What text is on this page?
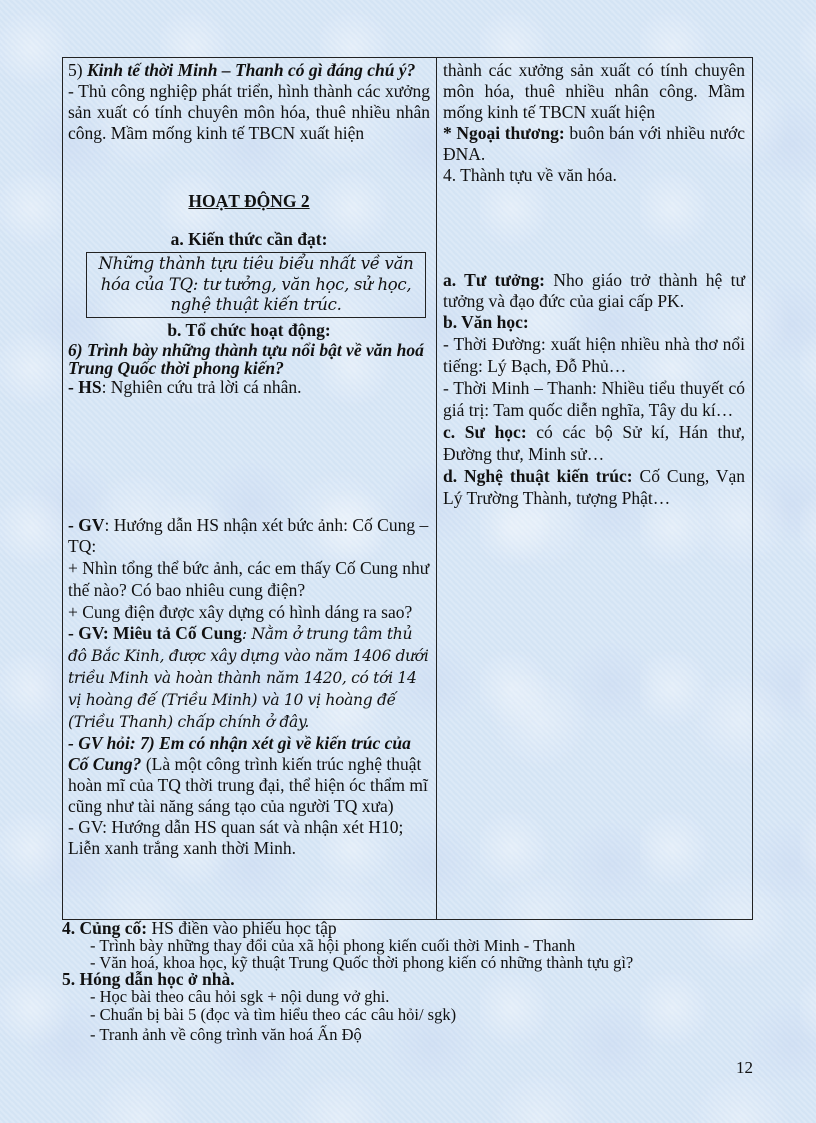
5) Kinh tế thời Minh – Thanh có gì đáng chú ý?

- Thủ công nghiệp phát triển, hình thành các xưởng sản xuất có tính chuyên môn hóa, thuê nhiều nhân công. Mầm mống kinh tế TBCN xuất hiện

HOẠT ĐỘNG 2

a. Kiến thức cần đạt:

Những thành tựu tiêu biểu nhất về văn hóa của TQ: tư tưởng, văn học, sử học, nghệ thuật kiến trúc.

b. Tổ chức hoạt động:

6) Trình bày những thành tựu nổi bật về văn hoá Trung Quốc thời phong kiến?

- HS: Nghiên cứu trả lời cá nhân.

- GV: Hướng dẫn HS nhận xét bức ảnh: Cố Cung – TQ:

+ Nhìn tổng thể bức ảnh, các em thấy Cố Cung như thế nào? Có bao nhiêu cung điện?

+ Cung điện được xây dựng có hình dáng ra sao?

- GV: Miêu tả Cố Cung: Nằm ở trung tâm thủ đô Bắc Kinh, được xây dựng vào năm 1406 dưới triều Minh và hoàn thành năm 1420, có tới 14 vị hoàng đế (Triều Minh) và 10 vị hoàng đế (Triều Thanh) chấp chính ở đây.

- GV hỏi: 7) Em có nhận xét gì về kiến trúc của Cố Cung? (Là một công trình kiến trúc nghệ thuật hoàn mĩ của TQ thời trung đại, thể hiện óc thẩm mĩ cũng như tài năng sáng tạo của người TQ xưa)

- GV: Hướng dẫn HS quan sát và nhận xét H10; Liễn xanh trắng xanh thời Minh.

thành các xưởng sản xuất có tính chuyên môn hóa, thuê nhiều nhân công. Mầm mống kinh tế TBCN xuất hiện

* Ngoại thương: buôn bán với nhiều nước ĐNA.

4. Thành tựu về văn hóa.

a. Tư tưởng: Nho giáo trở thành hệ tư tưởng và đạo đức của giai cấp PK.

b. Văn học:

- Thời Đường: xuất hiện nhiều nhà thơ nổi tiếng: Lý Bạch, Đỗ Phủ…

- Thời Minh – Thanh: Nhiều tiểu thuyết có giá trị: Tam quốc diễn nghĩa, Tây du kí…

c. Sư học: có các bộ Sử kí, Hán thư, Đường thư, Minh sử…

d. Nghệ thuật kiến trúc: Cố Cung, Vạn Lý Trường Thành, tượng Phật…

4. Củng cố: HS điền vào phiếu học tập

- Trình bày những thay đổi của xã hội phong kiến cuối thời Minh - Thanh

- Văn hoá, khoa học, kỹ thuật Trung Quốc thời phong kiến có những thành tựu gì?

5. Hóng dẫn học ở nhà.

- Học bài theo câu hỏi sgk + nội dung vở ghi.

- Chuẩn bị bài 5 (đọc và tìm hiểu theo các câu hỏi/ sgk)

- Tranh ảnh về công trình văn hoá Ấn Độ

12
